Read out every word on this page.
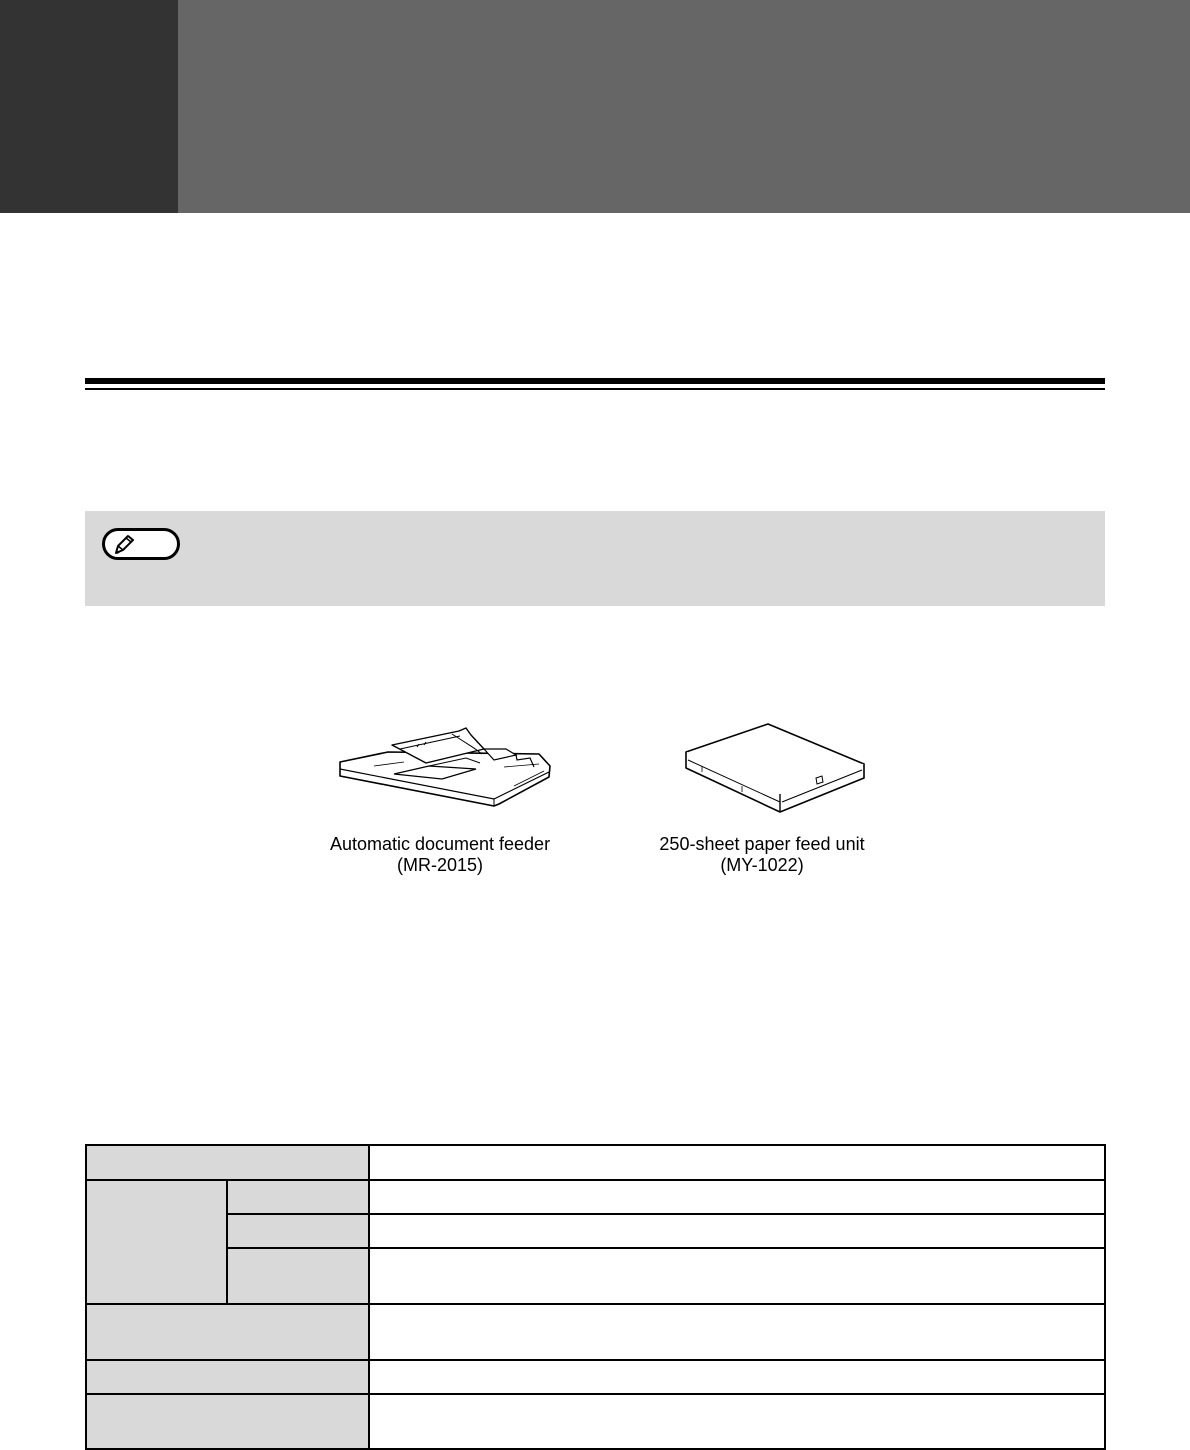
Automatic document feeder
(MR-2015)
250-sheet paper feed unit
(MY-1022)
